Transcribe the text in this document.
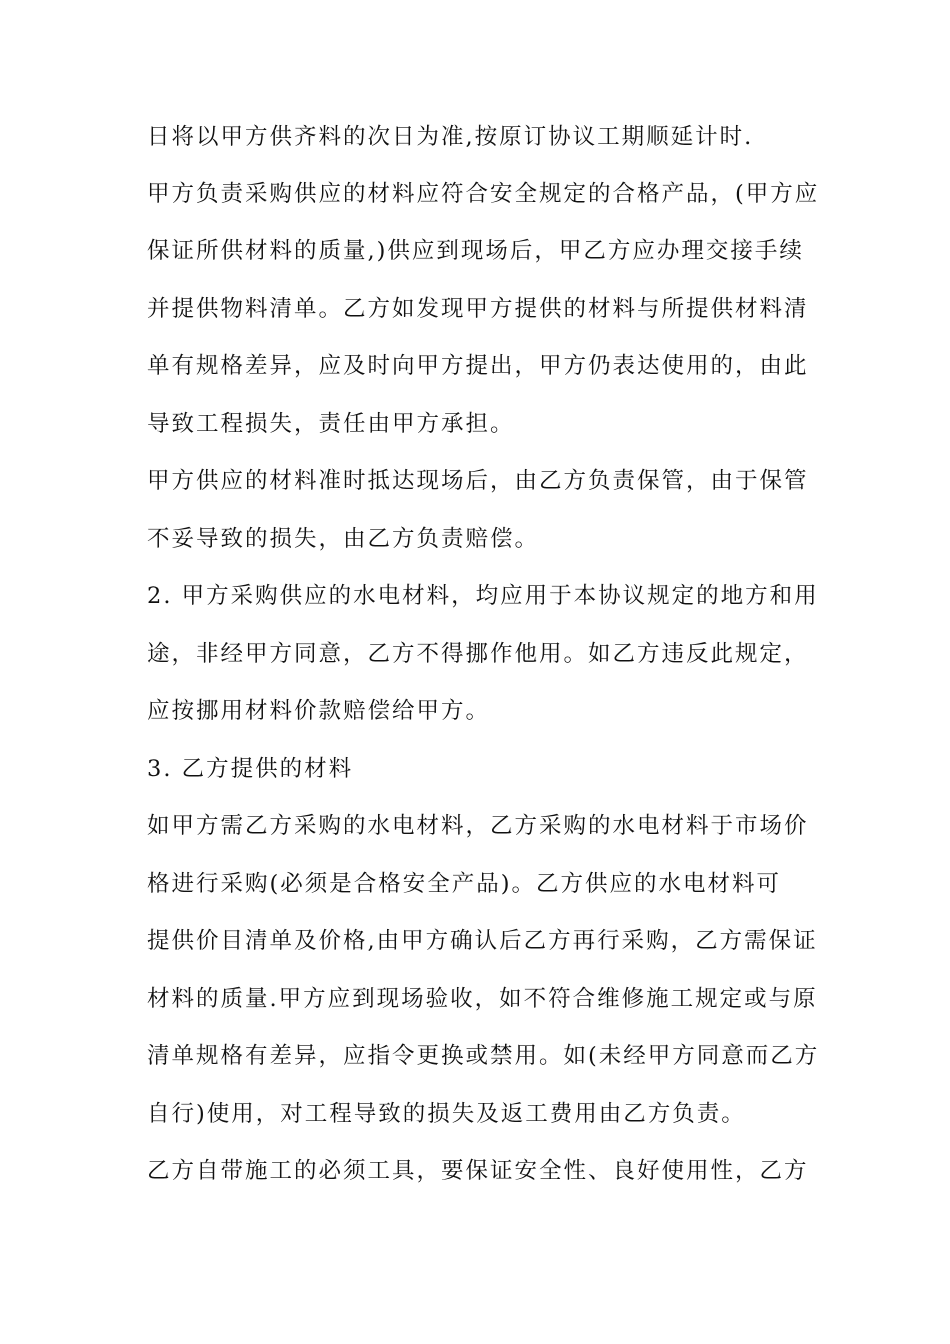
日将以甲方供齐料的次日为准,按原订协议工期顺延计时.
甲方负责采购供应的材料应符合安全规定的合格产品，(甲方应
保证所供材料的质量,)供应到现场后，甲乙方应办理交接手续
并提供物料清单。乙方如发现甲方提供的材料与所提供材料清
单有规格差异，应及时向甲方提出，甲方仍表达使用的，由此
导致工程损失，责任由甲方承担。
甲方供应的材料准时抵达现场后，由乙方负责保管，由于保管
不妥导致的损失，由乙方负责赔偿。
2. 甲方采购供应的水电材料，均应用于本协议规定的地方和用
途，非经甲方同意，乙方不得挪作他用。如乙方违反此规定，
应按挪用材料价款赔偿给甲方。
3. 乙方提供的材料
如甲方需乙方采购的水电材料，乙方采购的水电材料于市场价
格进行采购(必须是合格安全产品)。乙方供应的水电材料可
提供价目清单及价格,由甲方确认后乙方再行采购，乙方需保证
材料的质量.甲方应到现场验收，如不符合维修施工规定或与原
清单规格有差异，应指令更换或禁用。如(未经甲方同意而乙方
自行)使用，对工程导致的损失及返工费用由乙方负责。
乙方自带施工的必须工具，要保证安全性、良好使用性，乙方
